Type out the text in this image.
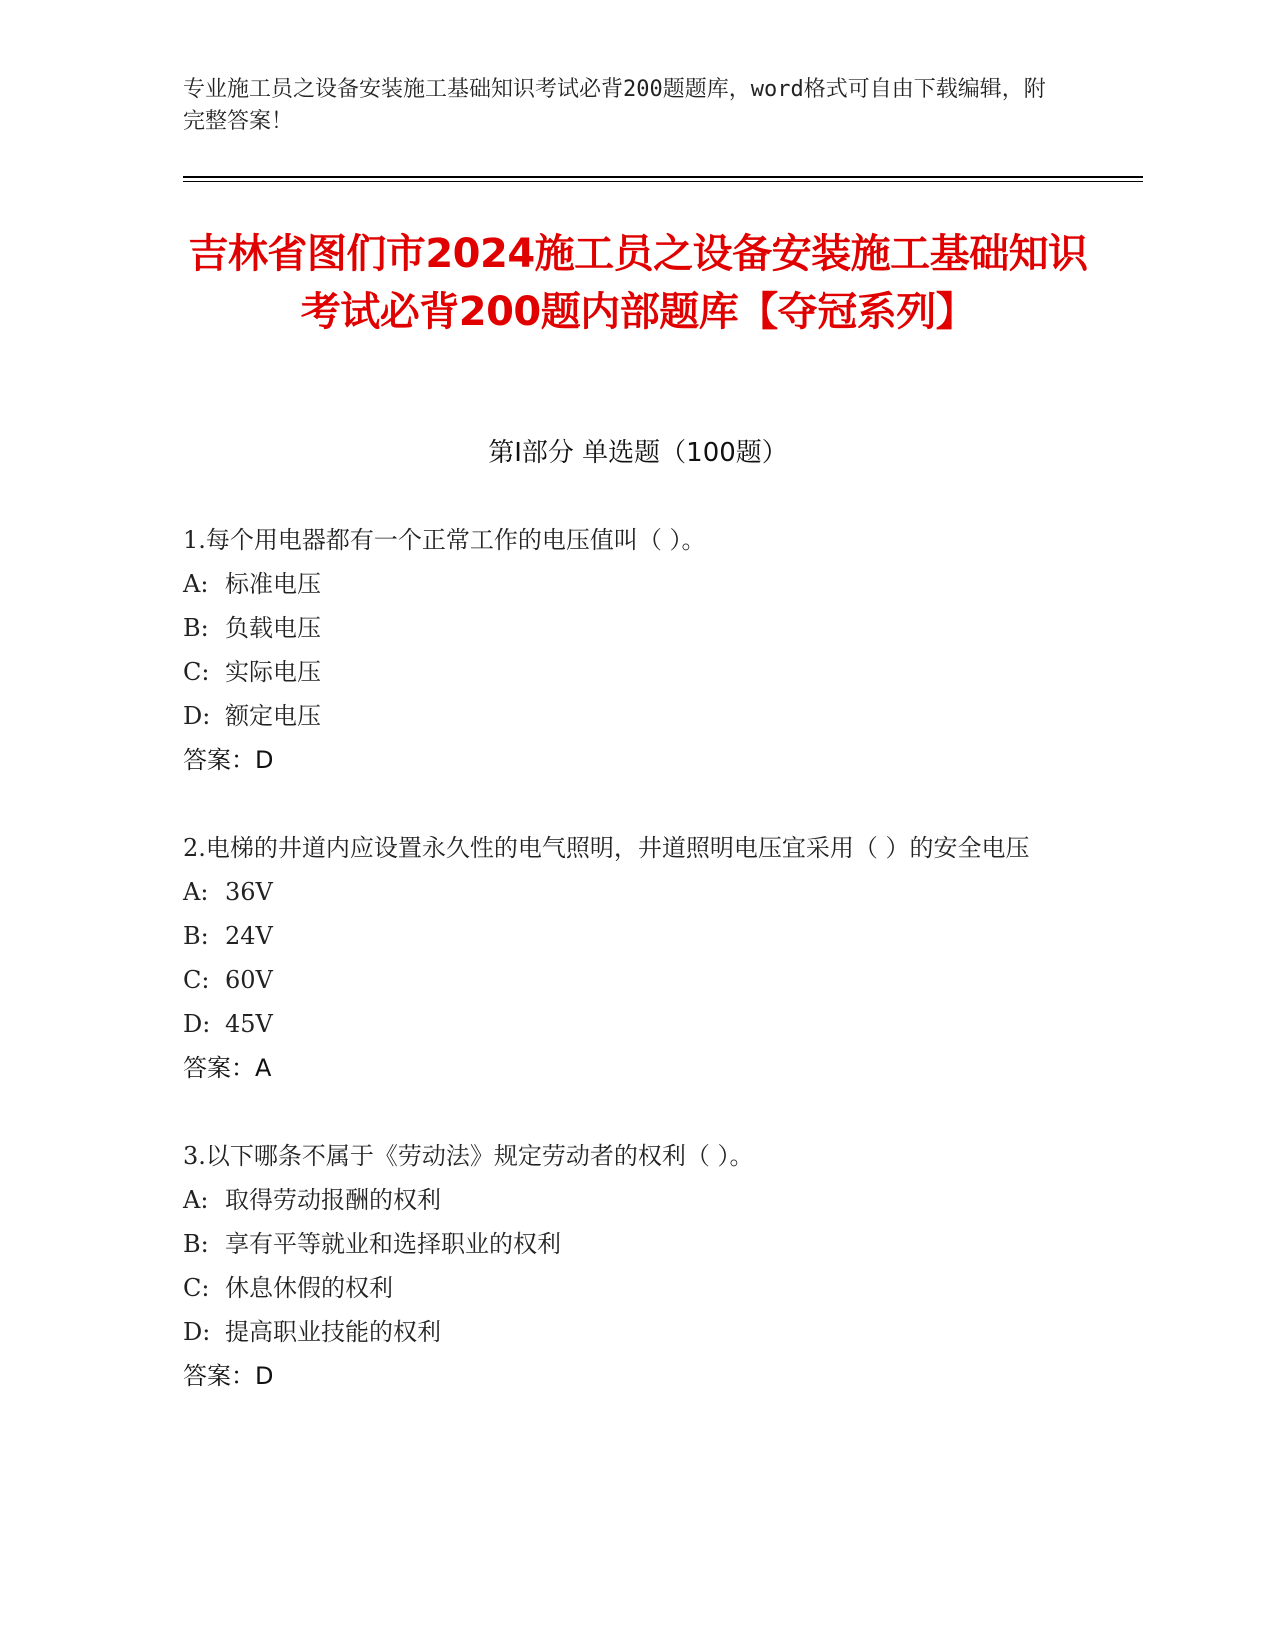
专业施工员之设备安装施工基础知识考试必背200题题库，word格式可自由下载编辑，附完整答案！
吉林省图们市2024施工员之设备安装施工基础知识考试必背200题内部题库【夺冠系列】
第Ⅰ部分 单选题（100题）

1.每个用电器都有一个正常工作的电压值叫（ ）。

A: 标准电压

B: 负载电压

C: 实际电压

D: 额定电压

答案：D

2.电梯的井道内应设置永久性的电气照明，井道照明电压宜采用（ ）的安全电压

A: 36V

B: 24V

C: 60V

D: 45V

答案：A

3.以下哪条不属于《劳动法》规定劳动者的权利（ ）。

A: 取得劳动报酬的权利

B: 享有平等就业和选择职业的权利

C: 休息休假的权利

D: 提高职业技能的权利

答案：D
